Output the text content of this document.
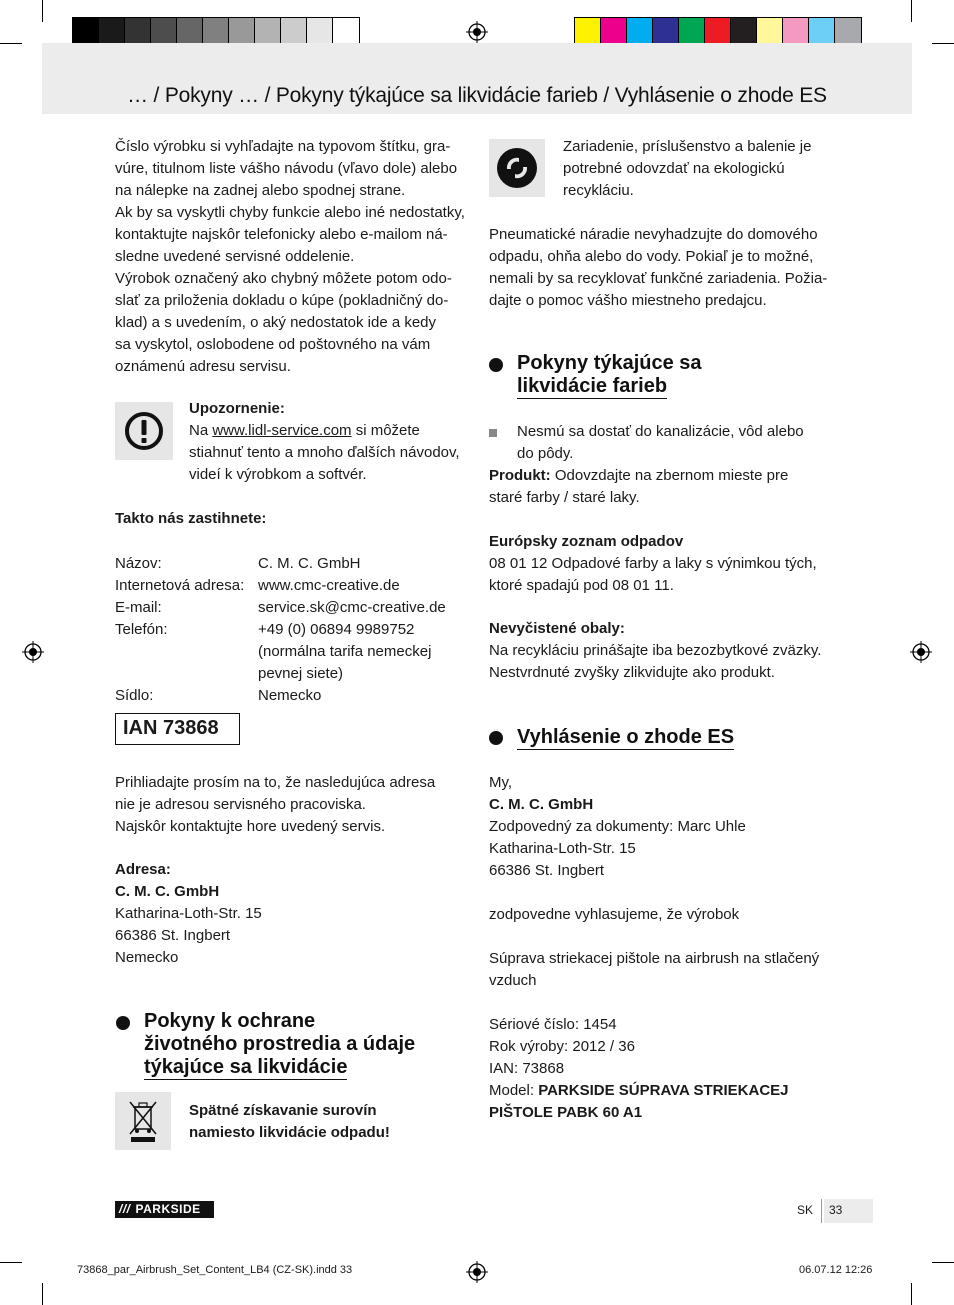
… / Pokyny … / Pokyny týkajúce sa likvidácie farieb / Vyhlásenie o zhode ES
Číslo výrobku si vyhľadajte na typovom štítku, gra-
vúre, titulnom liste vášho návodu (vľavo dole) alebo
na nálepke na zadnej alebo spodnej strane.
Ak by sa vyskytli chyby funkcie alebo iné nedostatky,
kontaktujte najskôr telefonicky alebo e-mailom ná-
sledne uvedené servisné oddelenie.
Výrobok označený ako chybný môžete potom odo-
slať za priloženia dokladu o kúpe (pokladničný do-
klad) a s uvedením, o aký nedostatok ide a kedy
sa vyskytol, oslobodene od poštovného na vám
oznámenú adresu servisu.
Upozornenie:
Na www.lidl-service.com si môžete
stiahnuť tento a mnoho ďalších návodov,
videí k výrobkom a softvér.
Takto nás zastihnete:
Názov:	C. M. C. GmbH
Internetová adresa: www.cmc-creative.de
E-mail:	service.sk@cmc-creative.de
Telefón:	+49 (0) 06894 9989752
(normálna tarifa nemeckej
pevnej siete)
Sídlo:	Nemecko
IAN 73868
Prihliadajte prosím na to, že nasledujúca adresa
nie je adresou servisného pracoviska.
Najskôr kontaktujte hore uvedený servis.
Adresa:
C. M. C. GmbH
Katharina-Loth-Str. 15
66386 St. Ingbert
Nemecko
Pokyny k ochrane
životného prostredia a údaje
týkajúce sa likvidácie
Spätné získavanie surovín
namiesto likvidácie odpadu!
Zariadenie, príslušenstvo a balenie je
potrebné odovzdať na ekologickú
recykláciu.
Pneumatické náradie nevyhadzujte do domového
odpadu, ohňa alebo do vody. Pokiaľ je to možné,
nemali by sa recyklovať funkčné zariadenia. Požia-
dajte o pomoc vášho miestneho predajcu.
Pokyny týkajúce sa
likvidácie farieb
Nesmú sa dostať do kanalizácie, vôd alebo
do pôdy.
Produkt: Odovzdajte na zbernom mieste pre
staré farby / staré laky.
Európsky zoznam odpadov
08 01 12 Odpadové farby a laky s výnimkou tých,
ktoré spadajú pod 08 01 11.
Nevyčistené obaly:
Na recykláciu prinášajte iba bezozbytkové zväzky.
Nestvrdnuté zvyšky zlikvidujte ako produkt.
Vyhlásenie o zhode ES
My,
C. M. C. GmbH
Zodpovedný za dokumenty: Marc Uhle
Katharina-Loth-Str. 15
66386 St. Ingbert
zodpovedne vyhlasujeme, že výrobok
Súprava striekacej pištole na airbrush na stlačený
vzduch
Sériové číslo: 1454
Rok výroby: 2012 / 36
IAN: 73868
Model: PARKSIDE SÚPRAVA STRIEKACEJ
PIŠTOLE PABK 60 A1
/// PARKSIDE	SK 33
73868_par_Airbrush_Set_Content_LB4 (CZ-SK).indd 33	06.07.12 12:26
